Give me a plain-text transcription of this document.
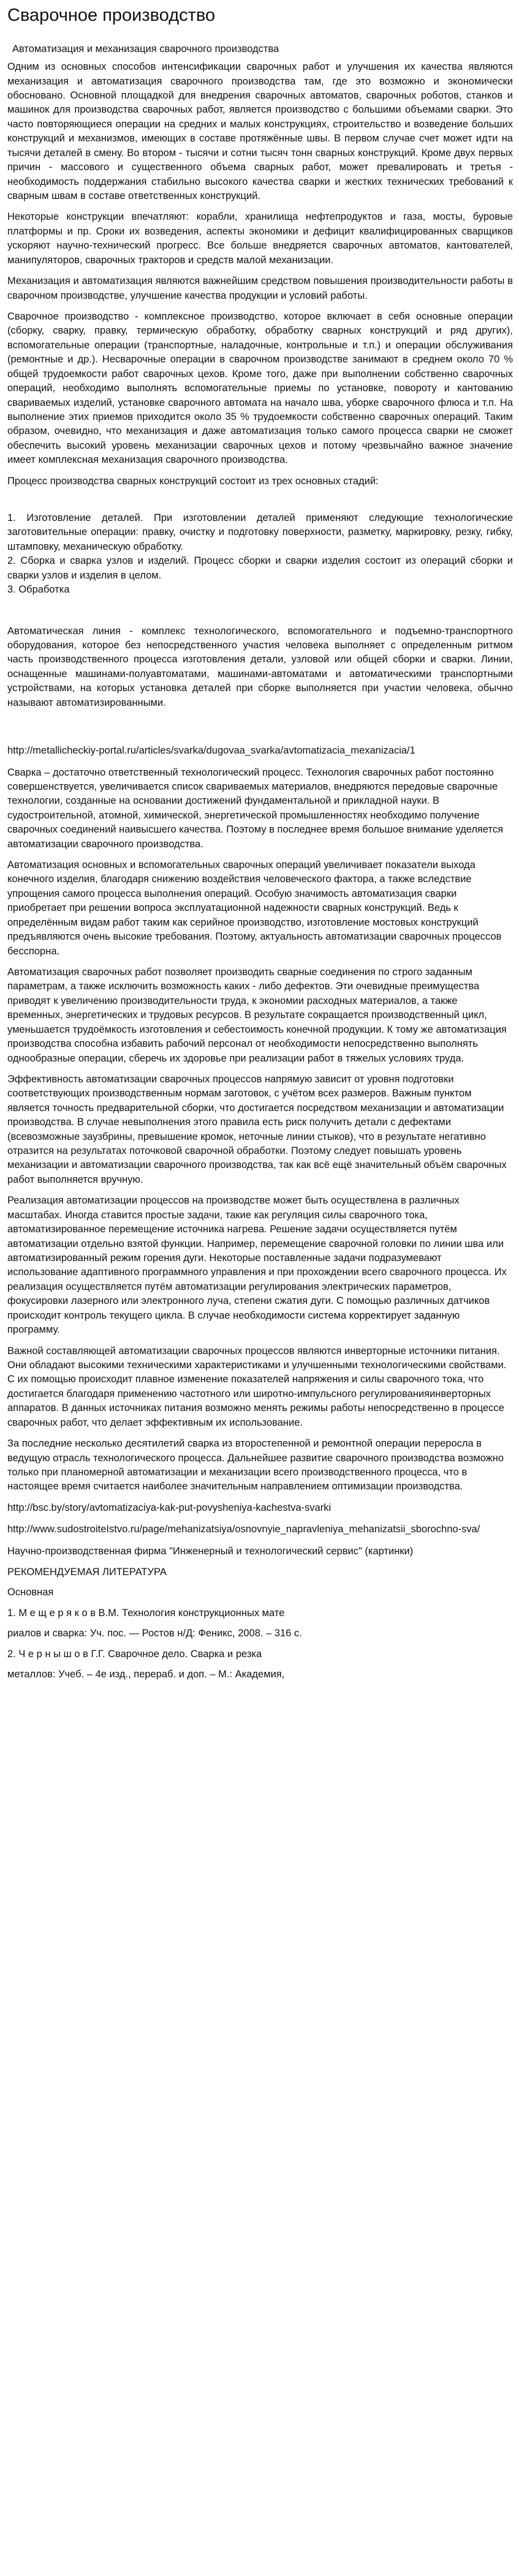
Сварочное производство

Автоматизация и механизация сварочного производства

Одним из основных способов интенсификации сварочных работ и улучшения их качества являются механизация и автоматизация сварочного производства там, где это возможно и экономически обосновано. Основной площадкой для внедрения сварочных автоматов, сварочных роботов, станков и машинок для производства сварочных работ, является производство с большими объемами сварки. Это часто повторяющиеся операции на средних и малых конструкциях, строительство и возведение больших конструкций и механизмов, имеющих в составе протяжённые швы. В первом случае счет может идти на тысячи деталей в смену. Во втором - тысячи и сотни тысяч тонн сварных конструкций. Кроме двух первых причин - массового и существенного объема сварных работ, может превалировать и третья - необходимость поддержания стабильно высокого качества сварки и жестких технических требований к сварным швам в составе ответственных конструкций.

Некоторые конструкции впечатляют: корабли, хранилища нефтепродуктов и газа, мосты, буровые платформы и пр. Сроки их возведения, аспекты экономики и дефицит квалифицированных сварщиков ускоряют научно-технический прогресс. Все больше внедряется сварочных автоматов, кантователей, манипуляторов, сварочных тракторов и средств малой механизации.

Механизация и автоматизация являются важнейшим средством повышения производительности работы в сварочном производстве, улучшение качества продукции и условий работы.

Сварочное производство - комплексное производство, которое включает в себя основные операции (сборку, сварку, правку, термическую обработку, обработку сварных конструкций и ряд других), вспомогательные операции (транспортные, наладочные, контрольные и т.п.) и операции обслуживания (ремонтные и др.). Несварочные операции в сварочном производстве занимают в среднем около 70 % общей трудоемкости работ сварочных цехов. Кроме того, даже при выполнении собственно сварочных операций, необходимо выполнять вспомогательные приемы по установке, повороту и кантованию свариваемых изделий, установке сварочного автомата на начало шва, уборке сварочного флюса и т.п. На выполнение этих приемов приходится около 35 % трудоемкости собственно сварочных операций. Таким образом, очевидно, что механизация и даже автоматизация только самого процесса сварки не сможет обеспечить высокий уровень механизации сварочных цехов и потому чрезвычайно важное значение имеет комплексная механизация сварочного производства.

Процесс производства сварных конструкций состоит из трех основных стадий:

1. Изготовление деталей. При изготовлении деталей применяют следующие технологические заготовительные операции: правку, очистку и подготовку поверхности, разметку, маркировку, резку, гибку, штамповку, механическую обработку.
2. Сборка и сварка узлов и изделий. Процесс сборки и сварки изделия состоит из операций сборки и сварки узлов и изделия в целом.
3. Обработка

Автоматическая линия - комплекс технологического, вспомогательного и подъемно-транспортного оборудования, которое без непосредственного участия человека выполняет с определенным ритмом часть производственного процесса изготовления детали, узловой или общей сборки и сварки. Линии, оснащенные машинами-полуавтоматами, машинами-автоматами и автоматическими транспортными устройствами, на которых установка деталей при сборке выполняется при участии человека, обычно называют автоматизированными.

http://metallicheckiy-portal.ru/articles/svarka/dugovaa_svarka/avtomatizacia_mexanizacia/1

Сварка – достаточно ответственный технологический процесс. Технология сварочных работ постоянно совершенствуется, увеличивается список свариваемых материалов, внедряются передовые сварочные технологии, созданные на основании достижений фундаментальной и прикладной науки. В судостроительной, атомной, химической, энергетической промышленностях необходимо получение сварочных соединений наивысшего качества. Поэтому в последнее время большое внимание уделяется автоматизации сварочного производства.

Автоматизация основных и вспомогательных сварочных операций увеличивает показатели выхода конечного изделия, благодаря снижению воздействия человеческого фактора, а также вследствие упрощения самого процесса выполнения операций. Особую значимость автоматизация сварки приобретает при решении вопроса эксплуатационной надежности сварных конструкций. Ведь к определённым видам работ таким как серийное производство, изготовление мостовых конструкций предъявляются очень высокие требования. Поэтому, актуальность автоматизации сварочных процессов бесспорна.

Автоматизация сварочных работ позволяет производить сварные соединения по строго заданным параметрам, а также исключить возможность каких - либо дефектов. Эти очевидные преимущества приводят к увеличению производительности труда, к экономии расходных материалов, а также временных, энергетических и трудовых ресурсов. В результате сокращается производственный цикл, уменьшается трудоёмкость изготовления и себестоимость конечной продукции. К тому же автоматизация производства способна избавить рабочий персонал от необходимости непосредственно выполнять однообразные операции, сберечь их здоровье при реализации работ в тяжелых условиях труда.

Эффективность автоматизации сварочных процессов напрямую зависит от уровня подготовки соответствующих производственным нормам заготовок, с учётом всех размеров. Важным пунктом является точность предварительной сборки, что достигается посредством механизации и автоматизации производства. В случае невыполнения этого правила есть риск получить детали с дефектами (всевозможные заузбрины, превышение кромок, неточные линии стыков), что в результате негативно отразится на результатах поточковой сварочной обработки. Поэтому следует повышать уровень механизации и автоматизации сварочного производства, так как всё ещё значительный объём сварочных работ выполняется вручную.

Реализация автоматизации процессов на производстве может быть осуществлена в различных масштабах. Иногда ставится простые задачи, такие как регуляция силы сварочного тока, автоматизированное перемещение источника нагрева. Решение задачи осуществляется путём автоматизации отдельно взятой функции. Например, перемещение сварочной головки по линии шва или автоматизированный режим горения дуги. Некоторые поставленные задачи подразумевают использование адаптивного программного управления и при прохождении всего сварочного процесса. Их реализация осуществляется путём автоматизации регулирования электрических параметров, фокусировки лазерного или электронного луча, степени сжатия дуги. С помощью различных датчиков происходит контроль текущего цикла. В случае необходимости система корректирует заданную программу.

Важной составляющей автоматизации сварочных процессов являются инверторные источники питания. Они обладают высокими техническими характеристиками и улучшенными технологическими свойствами. С их помощью происходит плавное изменение показателей напряжения и силы сварочного тока, что достигается благодаря применению частотного или широтно-импульсного регулированияинверторных аппаратов. В данных источниках питания возможно менять режимы работы непосредственно в процессе сварочных работ, что делает эффективным их использование.

За последние несколько десятилетий сварка из второстепенной и ремонтной операции переросла в ведущую отрасль технологического процесса. Дальнейшее развитие сварочного производства возможно только при планомерной автоматизации и механизации всего производственного процесса, что в настоящее время считается наиболее значительным направлением оптимизации производства.

http://bsc.by/story/avtomatizaciya-kak-put-povysheniya-kachestva-svarki

http://www.sudostroiteIstvo.ru/page/mehanizatsiya/osnovnyie_napravleniya_mehanizatsii_sborochno-sva/

Научно-производственная фирма "Инженерный и технологический сервис" (картинки)

РЕКОМЕНДУЕМАЯ ЛИТЕРАТУРА

Основная

1. М е щ е р я к о в В.М. Технология конструкционных мате

риалов и сварка: Уч. пос. — Ростов н/Д: Феникс, 2008. – 316 с.

2. Ч е р н ы ш о в Г.Г. Сварочное дело. Сварка и резка

металлов: Учеб. – 4е изд., перераб. и доп. – М.: Академия,
